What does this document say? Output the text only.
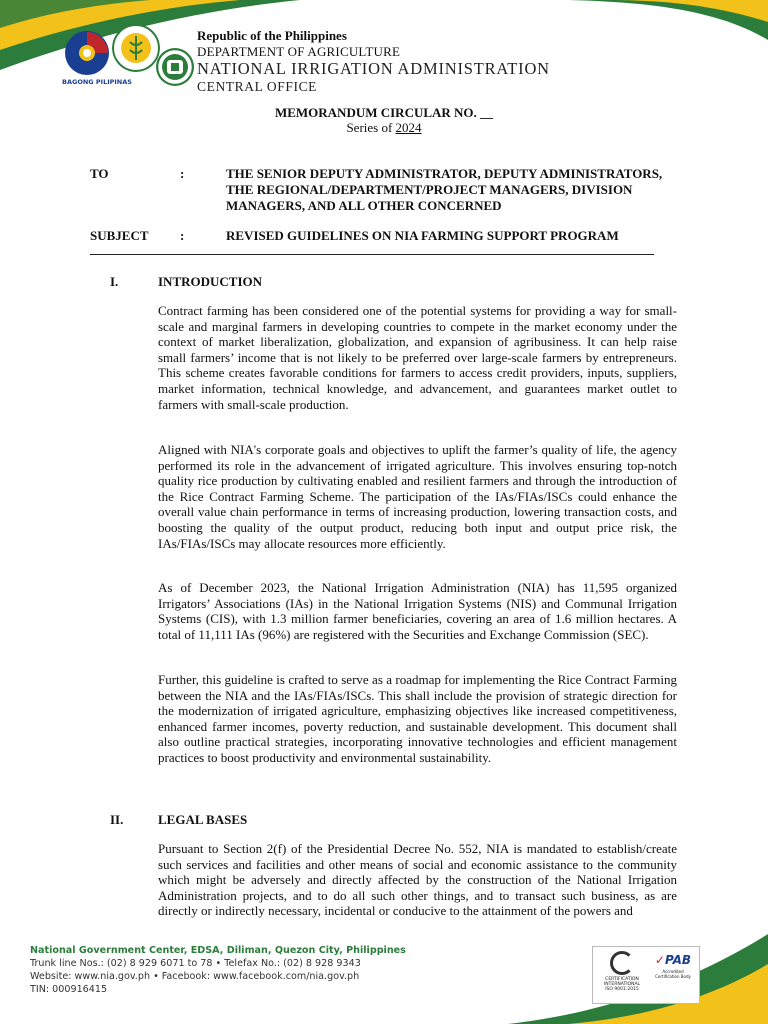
BAGONG PILIPINAS
Republic of the Philippines
DEPARTMENT OF AGRICULTURE
NATIONAL IRRIGATION ADMINISTRATION
CENTRAL OFFICE
MEMORANDUM CIRCULAR NO. __
Series of 2024
TO	:	THE SENIOR DEPUTY ADMINISTRATOR, DEPUTY ADMINISTRATORS, THE REGIONAL/DEPARTMENT/PROJECT MANAGERS, DIVISION MANAGERS, AND ALL OTHER CONCERNED
SUBJECT :	REVISED GUIDELINES ON NIA FARMING SUPPORT PROGRAM
I.	INTRODUCTION

Contract farming has been considered one of the potential systems for providing a way for small-scale and marginal farmers in developing countries to compete in the market economy under the context of market liberalization, globalization, and expansion of agribusiness. It can help raise small farmers’ income that is not likely to be preferred over large-scale farmers by entrepreneurs. This scheme creates favorable conditions for farmers to access credit providers, inputs, suppliers, market information, technical knowledge, and advancement, and guarantees market outlet to farmers with small-scale production.

Aligned with NIA's corporate goals and objectives to uplift the farmer’s quality of life, the agency performed its role in the advancement of irrigated agriculture. This involves ensuring top-notch quality rice production by cultivating enabled and resilient farmers and through the introduction of the Rice Contract Farming Scheme. The participation of the IAs/FIAs/ISCs could enhance the overall value chain performance in terms of increasing production, lowering transaction costs, and boosting the quality of the output product, reducing both input and output price risk, the IAs/FIAs/ISCs may allocate resources more efficiently.

As of December 2023, the National Irrigation Administration (NIA) has 11,595 organized Irrigators’ Associations (IAs) in the National Irrigation Systems (NIS) and Communal Irrigation Systems (CIS), with 1.3 million farmer beneficiaries, covering an area of 1.6 million hectares. A total of 11,111 IAs (96%) are registered with the Securities and Exchange Commission (SEC).

Further, this guideline is crafted to serve as a roadmap for implementing the Rice Contract Farming between the NIA and the IAs/FIAs/ISCs. This shall include the provision of strategic direction for the modernization of irrigated agriculture, emphasizing objectives like increased competitiveness, enhanced farmer incomes, poverty reduction, and sustainable development. This document shall also outline practical strategies, incorporating innovative technologies and efficient management practices to boost productivity and environmental sustainability.

II.	LEGAL BASES

Pursuant to Section 2(f) of the Presidential Decree No. 552, NIA is mandated to establish/create such services and facilities and other means of social and economic assistance to the community which might be adversely and directly affected by the construction of the National Irrigation Administration projects, and to do all such other things, and to transact such business, as are directly or indirectly necessary, incidental or conducive to the attainment of the powers and

National Government Center, EDSA, Diliman, Quezon City, Philippines
Trunk line Nos.: (02) 8 929 6071 to 78 • Telefax No.: (02) 8 928 9343
Website: www.nia.gov.ph • Facebook: www.facebook.com/nia.gov.ph
TIN: 000916415
CERTIFICATION INTERNATIONAL
ISO 9001:2015
✓PAB
Accredited Certification Body
